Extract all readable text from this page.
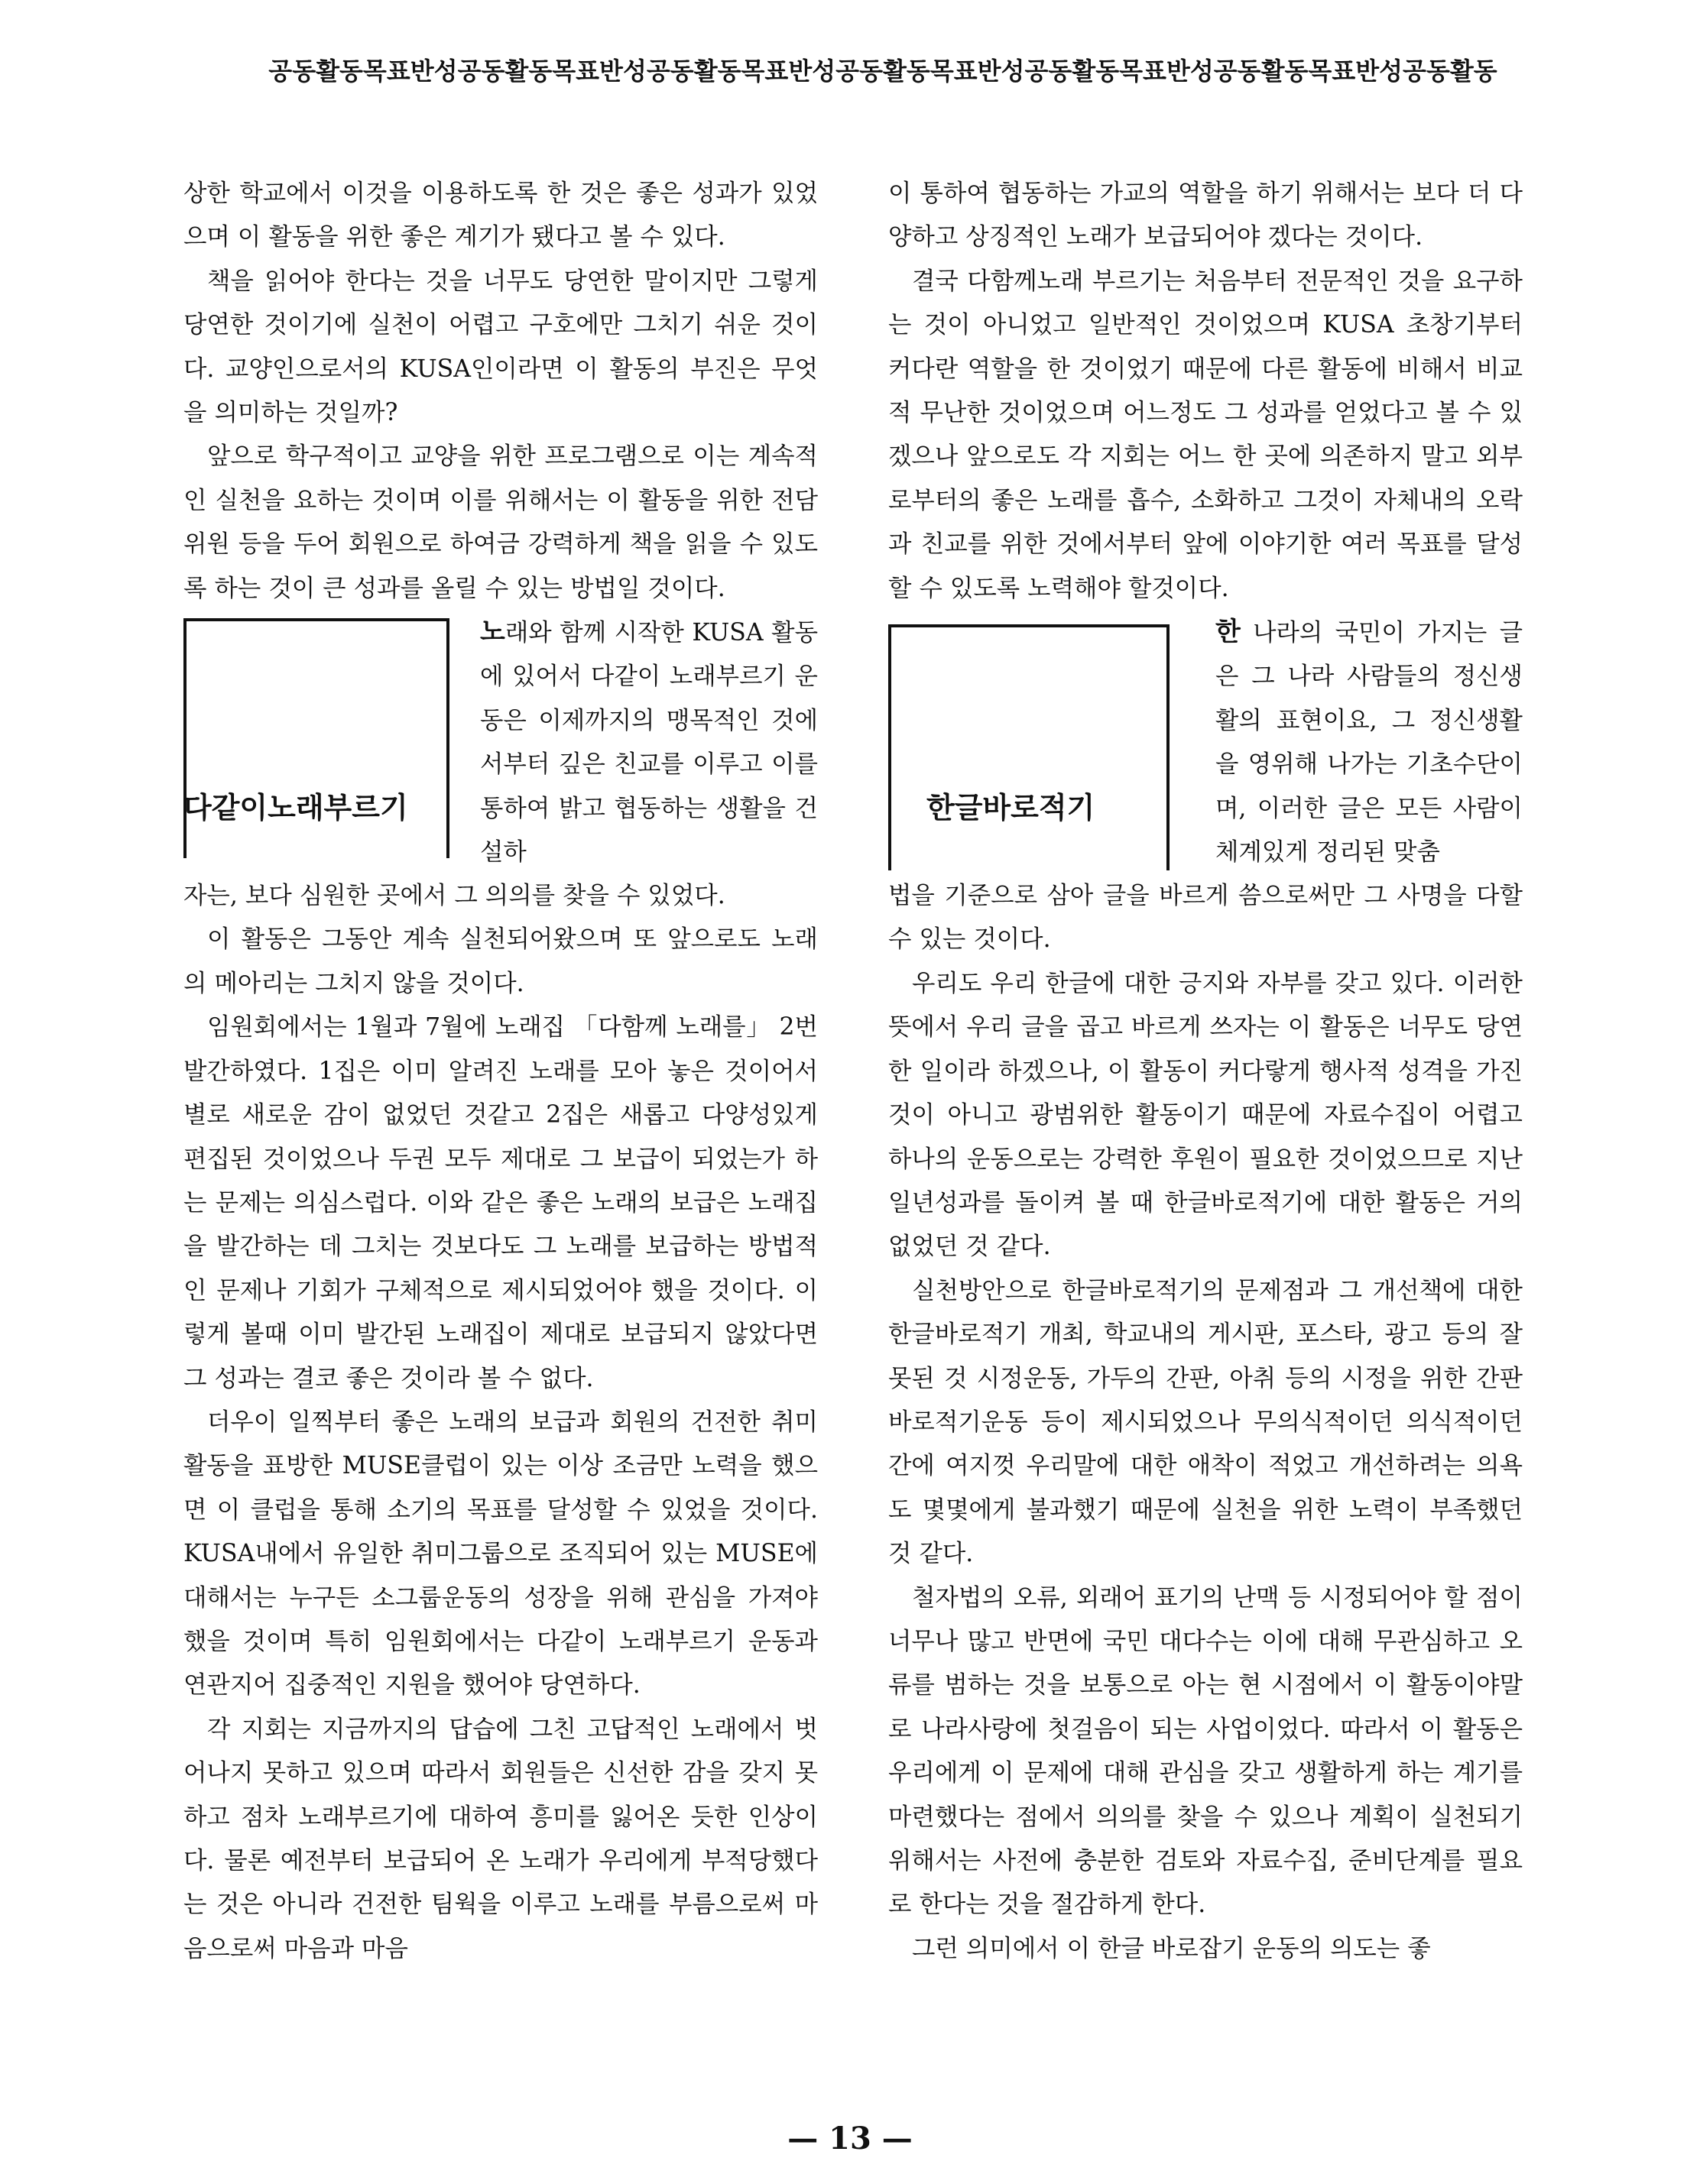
공동활동목표반성공동활동목표반성공동활동목표반성공동활동목표반성공동활동목표반성공동활동목표반성공동활동

상한 학교에서 이것을 이용하도록 한 것은 좋은 성과가 있었으며 이 활동을 위한 좋은 계기가 됐다고 볼 수 있다.

책을 읽어야 한다는 것을 너무도 당연한 말이지만 그렇게 당연한 것이기에 실천이 어렵고 구호에만 그치기 쉬운 것이다. 교양인으로서의 KUSA인이라면 이 활동의 부진은 무엇을 의미하는 것일까?

앞으로 학구적이고 교양을 위한 프로그램으로 이는 계속적인 실천을 요하는 것이며 이를 위해서는 이 활동을 위한 전담위원 등을 두어 회원으로 하여금 강력하게 책을 읽을 수 있도록 하는 것이 큰 성과를 올릴 수 있는 방법일 것이다.

다같이노래부르기

노래와 함께 시작한 KUSA 활동에 있어서 다같이 노래부르기 운동은 이제까지의 맹목적인 것에서부터 깊은 친교를 이루고 이를 통하여 밝고 협동하는 생활을 건설하

자는, 보다 심원한 곳에서 그 의의를 찾을 수 있었다.

이 활동은 그동안 계속 실천되어왔으며 또 앞으로도 노래의 메아리는 그치지 않을 것이다.

임원회에서는 1월과 7월에 노래집 「다함께 노래를」 2번 발간하였다. 1집은 이미 알려진 노래를 모아 놓은 것이어서 별로 새로운 감이 없었던 것같고 2집은 새롭고 다양성있게 편집된 것이었으나 두권 모두 제대로 그 보급이 되었는가 하는 문제는 의심스럽다. 이와 같은 좋은 노래의 보급은 노래집을 발간하는 데 그치는 것보다도 그 노래를 보급하는 방법적인 문제나 기회가 구체적으로 제시되었어야 했을 것이다. 이렇게 볼때 이미 발간된 노래집이 제대로 보급되지 않았다면 그 성과는 결코 좋은 것이라 볼 수 없다.

더우이 일찍부터 좋은 노래의 보급과 회원의 건전한 취미활동을 표방한 MUSE클럽이 있는 이상 조금만 노력을 했으면 이 클럽을 통해 소기의 목표를 달성할 수 있었을 것이다. KUSA내에서 유일한 취미그룹으로 조직되어 있는 MUSE에 대해서는 누구든 소그룹운동의 성장을 위해 관심을 가져야 했을 것이며 특히 임원회에서는 다같이 노래부르기 운동과 연관지어 집중적인 지원을 했어야 당연하다.

각 지회는 지금까지의 답습에 그친 고답적인 노래에서 벗어나지 못하고 있으며 따라서 회원들은 신선한 감을 갖지 못하고 점차 노래부르기에 대하여 흥미를 잃어온 듯한 인상이다. 물론 예전부터 보급되어 온 노래가 우리에게 부적당했다는 것은 아니라 건전한 팀웍을 이루고 노래를 부름으로써 마음으로써 마음과 마음

이 통하여 협동하는 가교의 역할을 하기 위해서는 보다 더 다양하고 상징적인 노래가 보급되어야 겠다는 것이다.

결국 다함께노래 부르기는 처음부터 전문적인 것을 요구하는 것이 아니었고 일반적인 것이었으며 KUSA 초창기부터 커다란 역할을 한 것이었기 때문에 다른 활동에 비해서 비교적 무난한 것이었으며 어느정도 그 성과를 얻었다고 볼 수 있겠으나 앞으로도 각 지회는 어느 한 곳에 의존하지 말고 외부로부터의 좋은 노래를 흡수, 소화하고 그것이 자체내의 오락과 친교를 위한 것에서부터 앞에 이야기한 여러 목표를 달성할 수 있도록 노력해야 할것이다.

한글바로적기

한 나라의 국민이 가지는 글은 그 나라 사람들의 정신생활의 표현이요, 그 정신생활을 영위해 나가는 기초수단이며, 이러한 글은 모든 사람이 체계있게 정리된 맞춤

법을 기준으로 삼아 글을 바르게 씀으로써만 그 사명을 다할 수 있는 것이다.

우리도 우리 한글에 대한 긍지와 자부를 갖고 있다. 이러한 뜻에서 우리 글을 곱고 바르게 쓰자는 이 활동은 너무도 당연한 일이라 하겠으나, 이 활동이 커다랗게 행사적 성격을 가진 것이 아니고 광범위한 활동이기 때문에 자료수집이 어렵고 하나의 운동으로는 강력한 후원이 필요한 것이었으므로 지난 일년성과를 돌이켜 볼 때 한글바로적기에 대한 활동은 거의 없었던 것 같다.

실천방안으로 한글바로적기의 문제점과 그 개선책에 대한 한글바로적기 개최, 학교내의 게시판, 포스타, 광고 등의 잘못된 것 시정운동, 가두의 간판, 아취 등의 시정을 위한 간판 바로적기운동 등이 제시되었으나 무의식적이던 의식적이던 간에 여지껏 우리말에 대한 애착이 적었고 개선하려는 의욕도 몇몇에게 불과했기 때문에 실천을 위한 노력이 부족했던 것 같다.

철자법의 오류, 외래어 표기의 난맥 등 시정되어야 할 점이 너무나 많고 반면에 국민 대다수는 이에 대해 무관심하고 오류를 범하는 것을 보통으로 아는 현 시점에서 이 활동이야말로 나라사랑에 첫걸음이 되는 사업이었다. 따라서 이 활동은 우리에게 이 문제에 대해 관심을 갖고 생활하게 하는 계기를 마련했다는 점에서 의의를 찾을 수 있으나 계획이 실천되기 위해서는 사전에 충분한 검토와 자료수집, 준비단계를 필요로 한다는 것을 절감하게 한다.

그런 의미에서 이 한글 바로잡기 운동의 의도는 좋

— 13 —
